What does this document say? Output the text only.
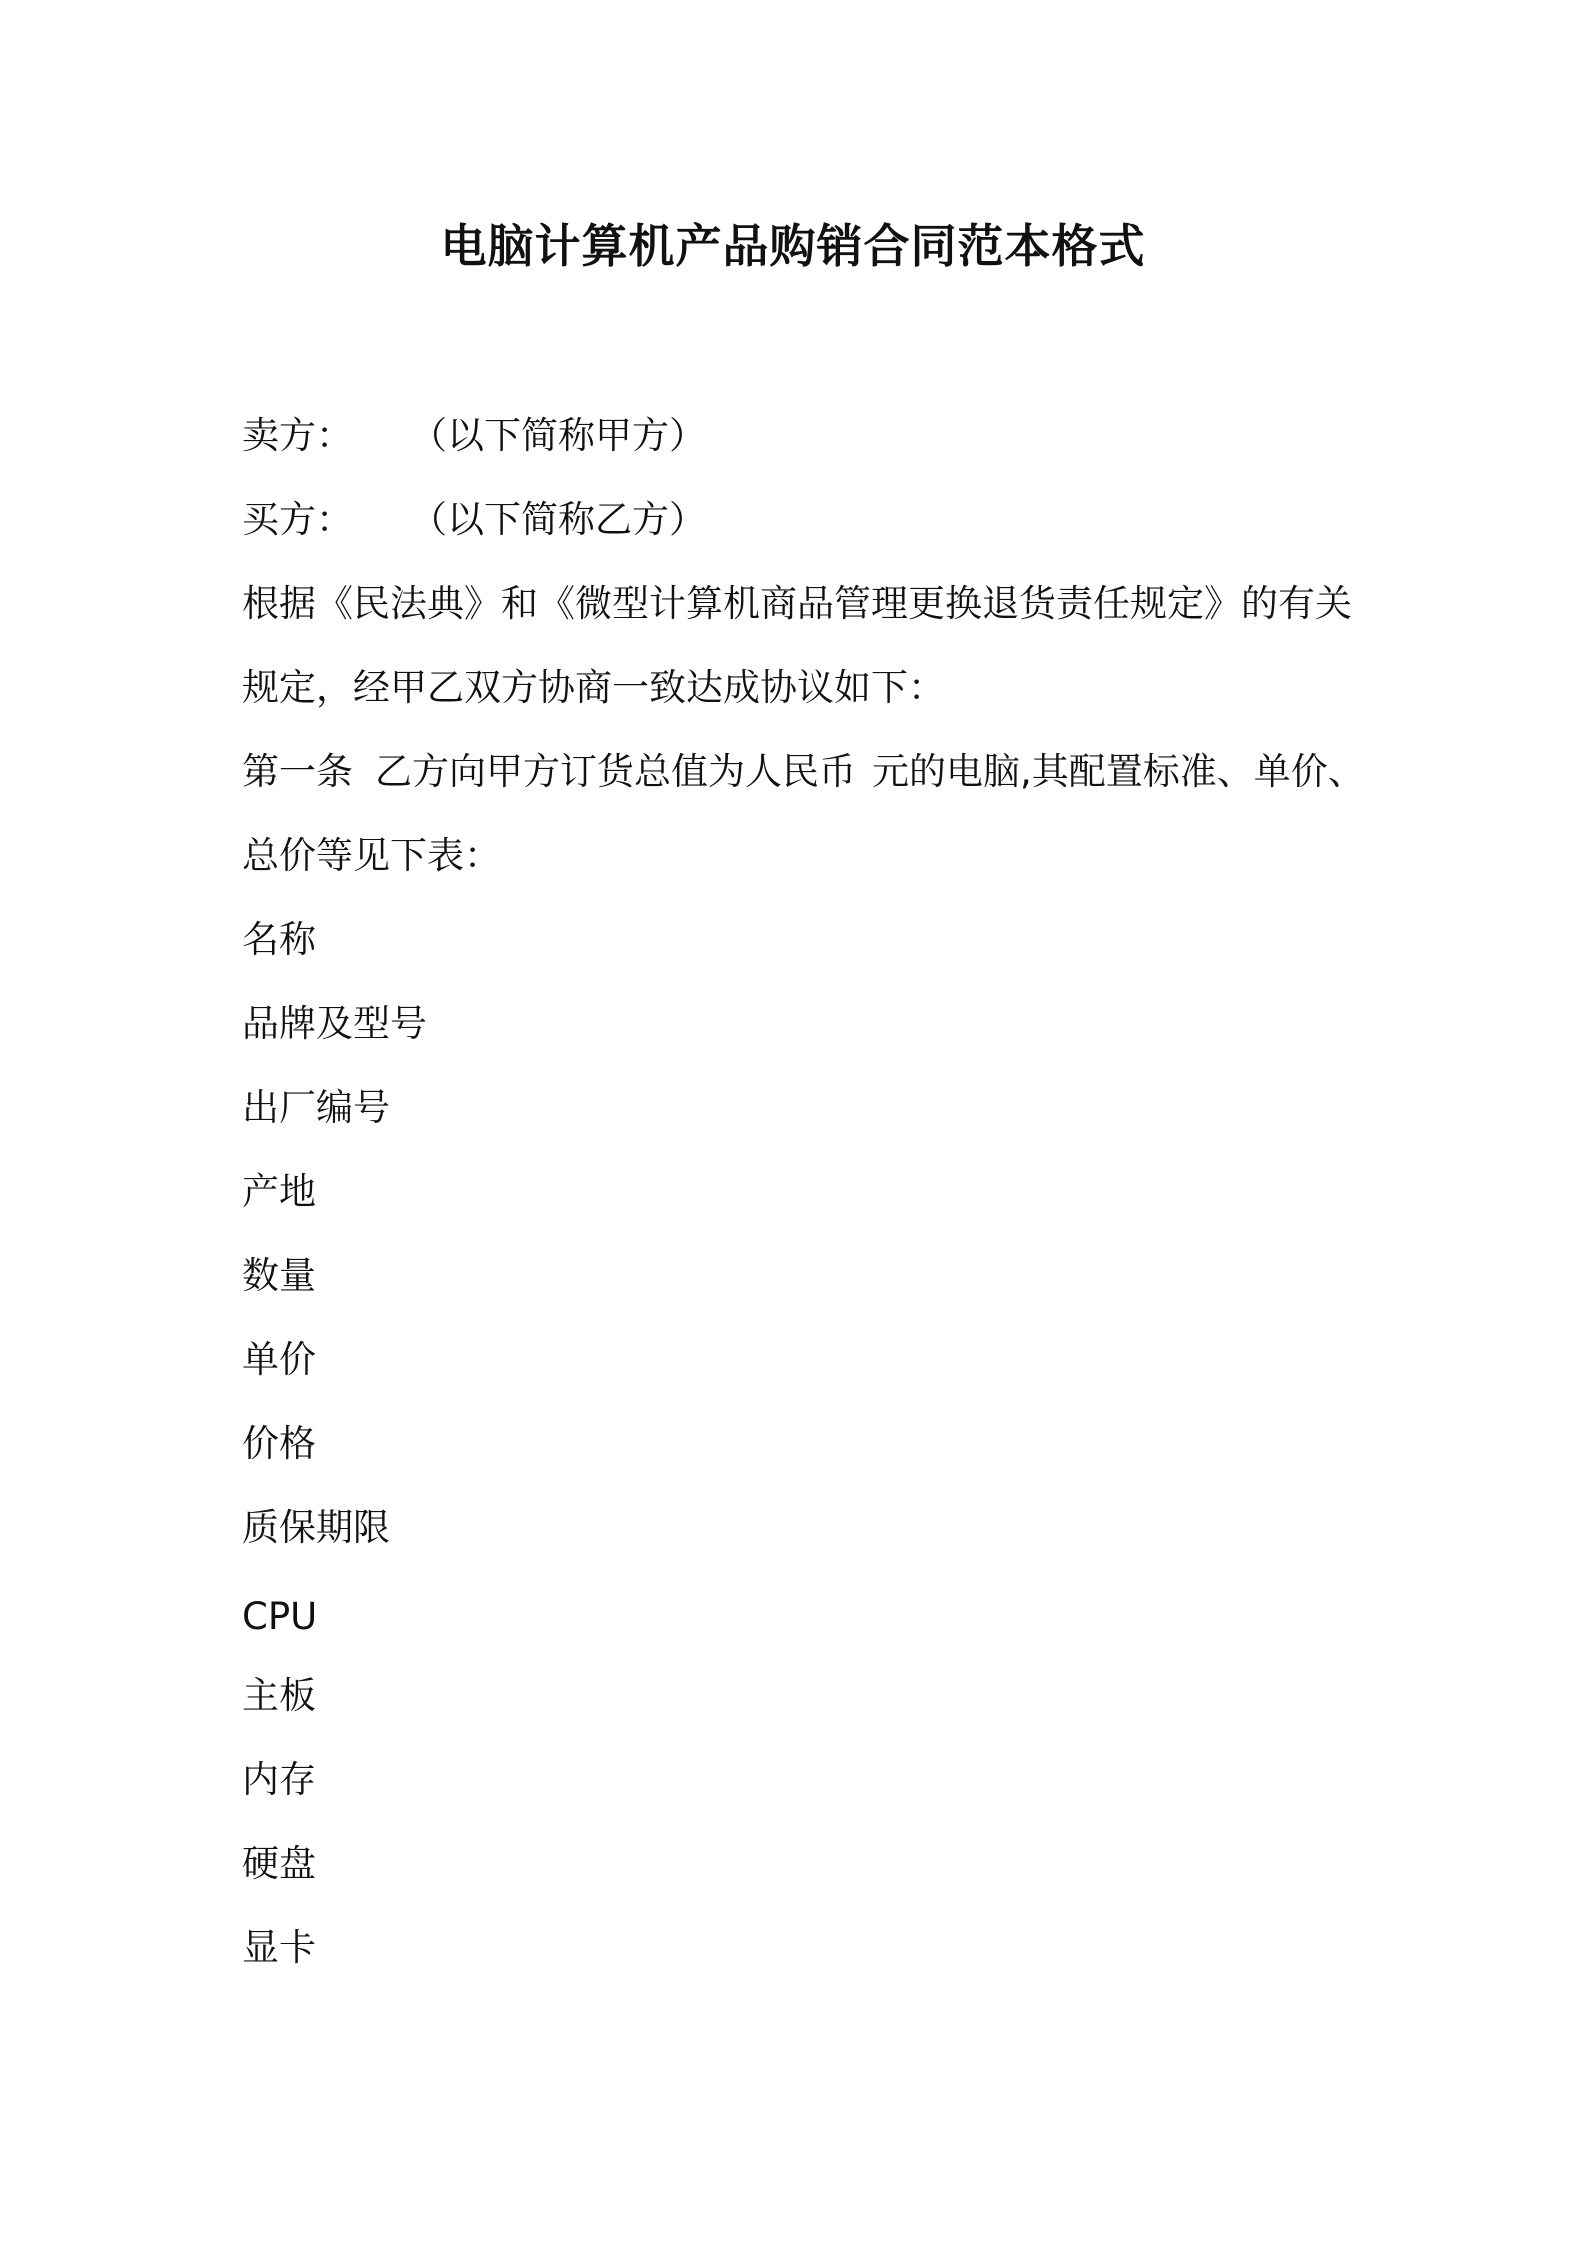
电脑计算机产品购销合同范本格式
卖方： （以下简称甲方）
买方： （以下简称乙方）
根据《民法典》和《微型计算机商品管理更换退货责任规定》的有关
规定，经甲乙双方协商一致达成协议如下：
第一条 乙方向甲方订货总值为人民币 元的电脑,其配置标准、单价、
总价等见下表：
名称
品牌及型号
出厂编号
产地
数量
单价
价格
质保期限
CPU
主板
内存
硬盘
显卡
